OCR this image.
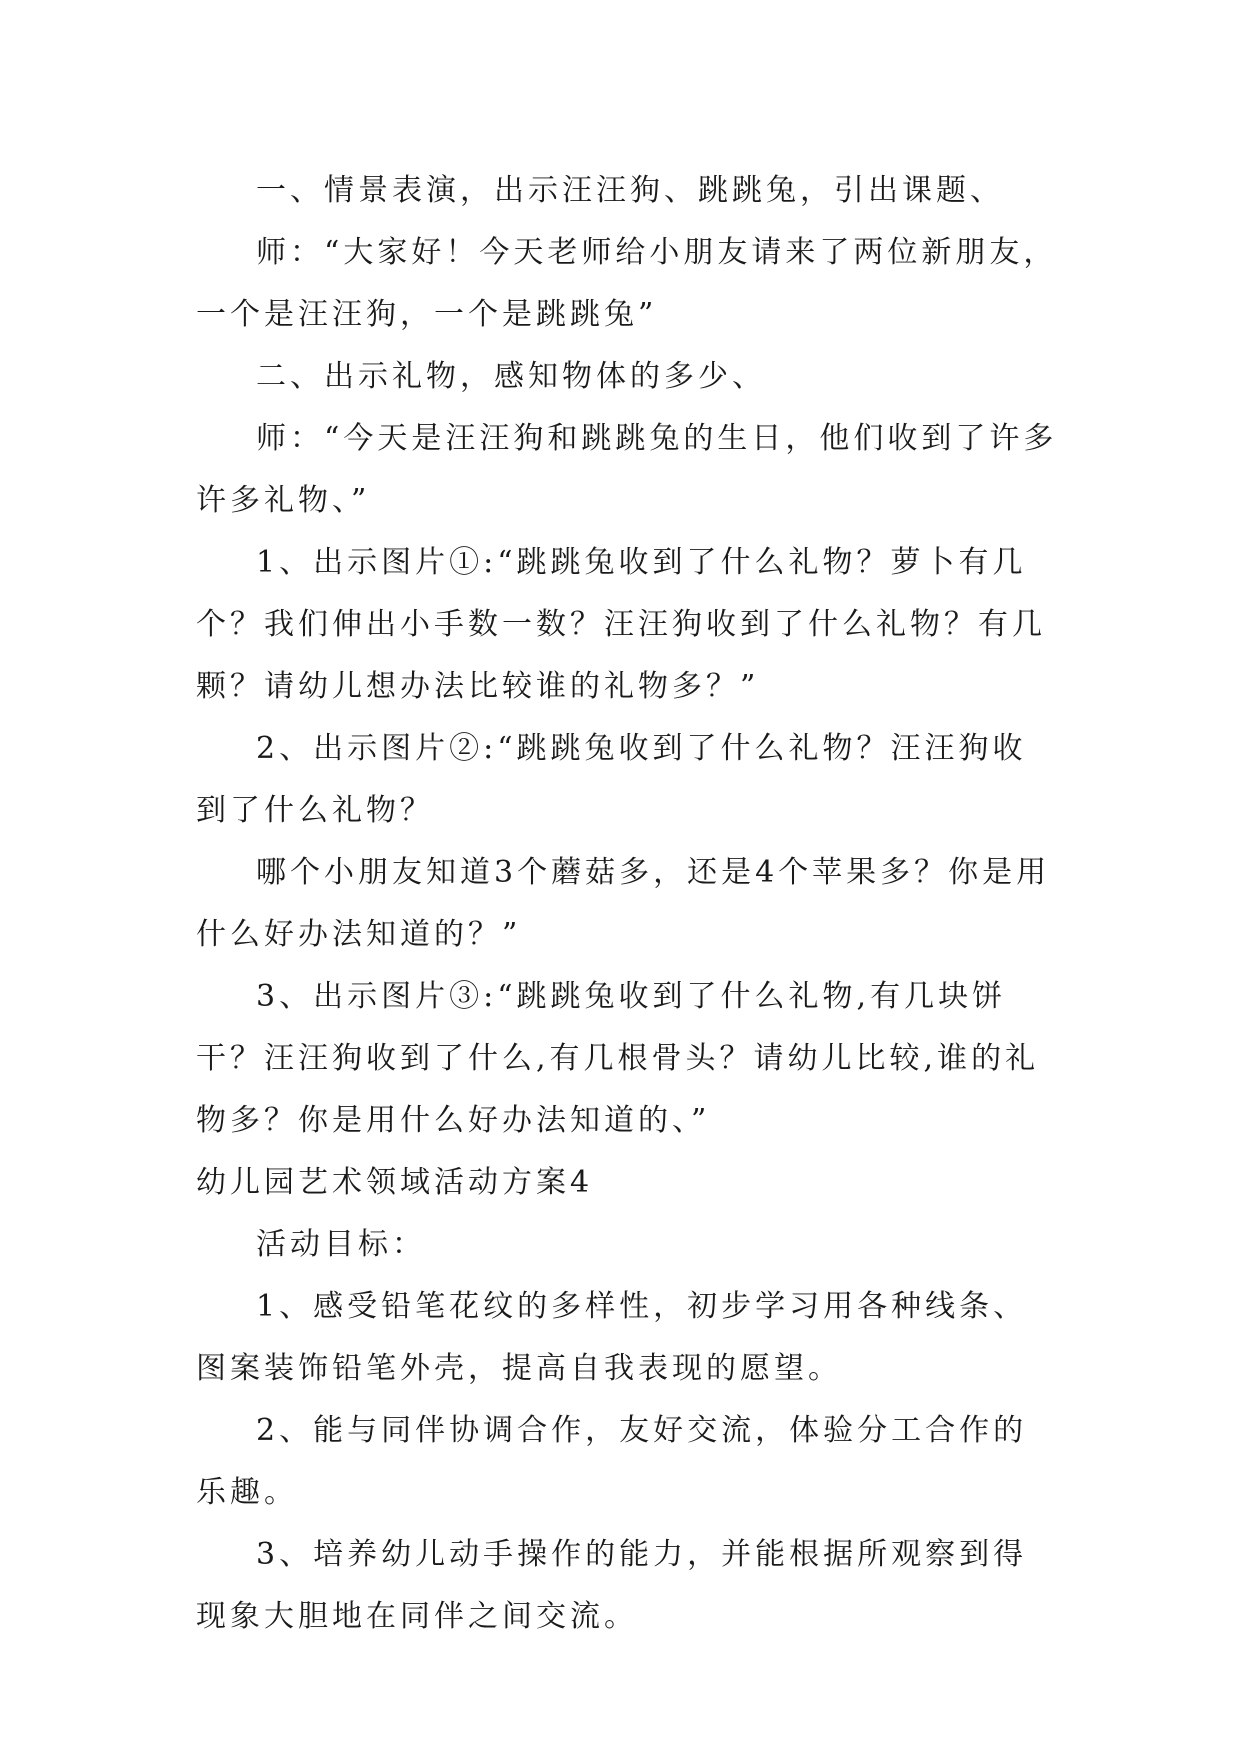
一、情景表演，出示汪汪狗、跳跳兔，引出课题、

师：“大家好！今天老师给小朋友请来了两位新朋友，一个是汪汪狗，一个是跳跳兔”

二、出示礼物，感知物体的多少、

师：“今天是汪汪狗和跳跳兔的生日，他们收到了许多许多礼物、”

1、出示图片①:“跳跳兔收到了什么礼物？萝卜有几个？我们伸出小手数一数？汪汪狗收到了什么礼物？有几颗？请幼儿想办法比较谁的礼物多？”

2、出示图片②:“跳跳兔收到了什么礼物？汪汪狗收到了什么礼物？

哪个小朋友知道3个蘑菇多，还是4个苹果多？你是用什么好办法知道的？”

3、出示图片③:“跳跳兔收到了什么礼物,有几块饼干？汪汪狗收到了什么,有几根骨头？请幼儿比较,谁的礼物多？你是用什么好办法知道的、”

幼儿园艺术领域活动方案4

活动目标：

1、感受铅笔花纹的多样性，初步学习用各种线条、图案装饰铅笔外壳，提高自我表现的愿望。

2、能与同伴协调合作，友好交流，体验分工合作的乐趣。

3、培养幼儿动手操作的能力，并能根据所观察到得现象大胆地在同伴之间交流。
